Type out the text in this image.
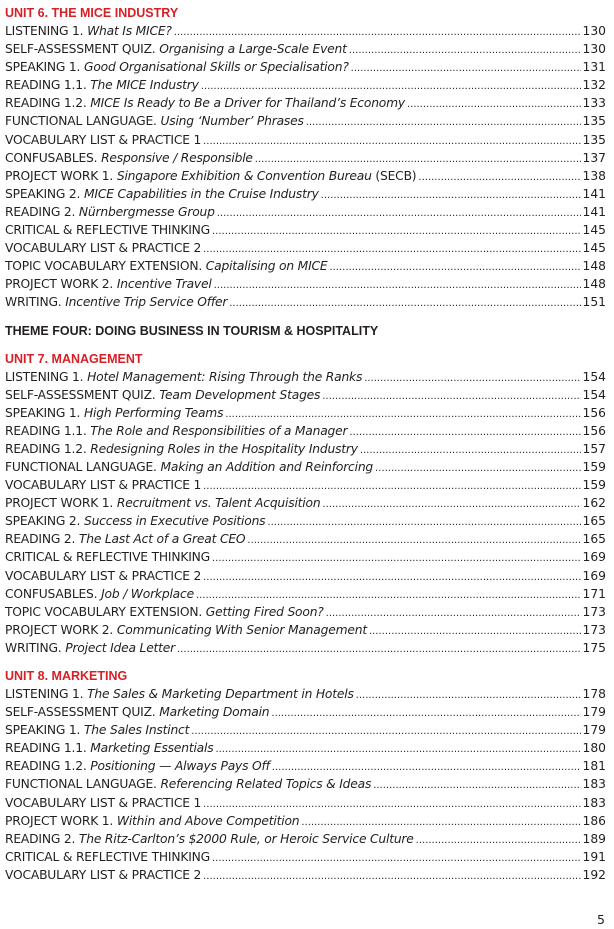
UNIT 6. THE MICE INDUSTRY
LISTENING 1. What Is MICE? .....	130
SELF-ASSESSMENT QUIZ. Organising a Large-Scale Event .....	130
SPEAKING 1. Good Organisational Skills or Specialisation? .....	131
READING 1.1. The MICE Industry .....	132
READING 1.2. MICE Is Ready to Be a Driver for Thailand’s Economy .....	133
FUNCTIONAL LANGUAGE. Using ‘Number’ Phrases .....	135
VOCABULARY LIST & PRACTICE 1 .....	135
CONFUSABLES. Responsive / Responsible .....	137
PROJECT WORK 1. Singapore Exhibition & Convention Bureau (SECB) .....	138
SPEAKING 2. MICE Capabilities in the Cruise Industry .....	141
READING 2. Nürnbergmesse Group .....	141
CRITICAL & REFLECTIVE THINKING .....	145
VOCABULARY LIST & PRACTICE 2 .....	145
TOPIC VOCABULARY EXTENSION. Capitalising on MICE .....	148
PROJECT WORK 2. Incentive Travel .....	148
WRITING. Incentive Trip Service Offer .....	151
THEME FOUR: DOING BUSINESS IN TOURISM & HOSPITALITY
UNIT 7. MANAGEMENT
LISTENING 1. Hotel Management: Rising Through the Ranks .....	154
SELF-ASSESSMENT QUIZ. Team Development Stages .....	154
SPEAKING 1. High Performing Teams .....	156
READING 1.1. The Role and Responsibilities of a Manager .....	156
READING 1.2. Redesigning Roles in the Hospitality Industry .....	157
FUNCTIONAL LANGUAGE. Making an Addition and Reinforcing .....	159
VOCABULARY LIST & PRACTICE 1 .....	159
PROJECT WORK 1. Recruitment vs. Talent Acquisition .....	162
SPEAKING 2. Success in Executive Positions .....	165
READING 2. The Last Act of a Great CEO .....	165
CRITICAL & REFLECTIVE THINKING .....	169
VOCABULARY LIST & PRACTICE 2 .....	169
CONFUSABLES. Job / Workplace .....	171
TOPIC VOCABULARY EXTENSION. Getting Fired Soon? .....	173
PROJECT WORK 2. Communicating With Senior Management .....	173
WRITING. Project Idea Letter .....	175
UNIT 8. MARKETING
LISTENING 1. The Sales & Marketing Department in Hotels .....	178
SELF-ASSESSMENT QUIZ. Marketing Domain .....	179
SPEAKING 1. The Sales Instinct .....	179
READING 1.1. Marketing Essentials .....	180
READING 1.2. Positioning — Always Pays Off .....	181
FUNCTIONAL LANGUAGE. Referencing Related Topics & Ideas .....	183
VOCABULARY LIST & PRACTICE 1 .....	183
PROJECT WORK 1. Within and Above Competition .....	186
READING 2. The Ritz-Carlton’s $2000 Rule, or Heroic Service Culture .....	189
CRITICAL & REFLECTIVE THINKING .....	191
VOCABULARY LIST & PRACTICE 2 .....	192
5
